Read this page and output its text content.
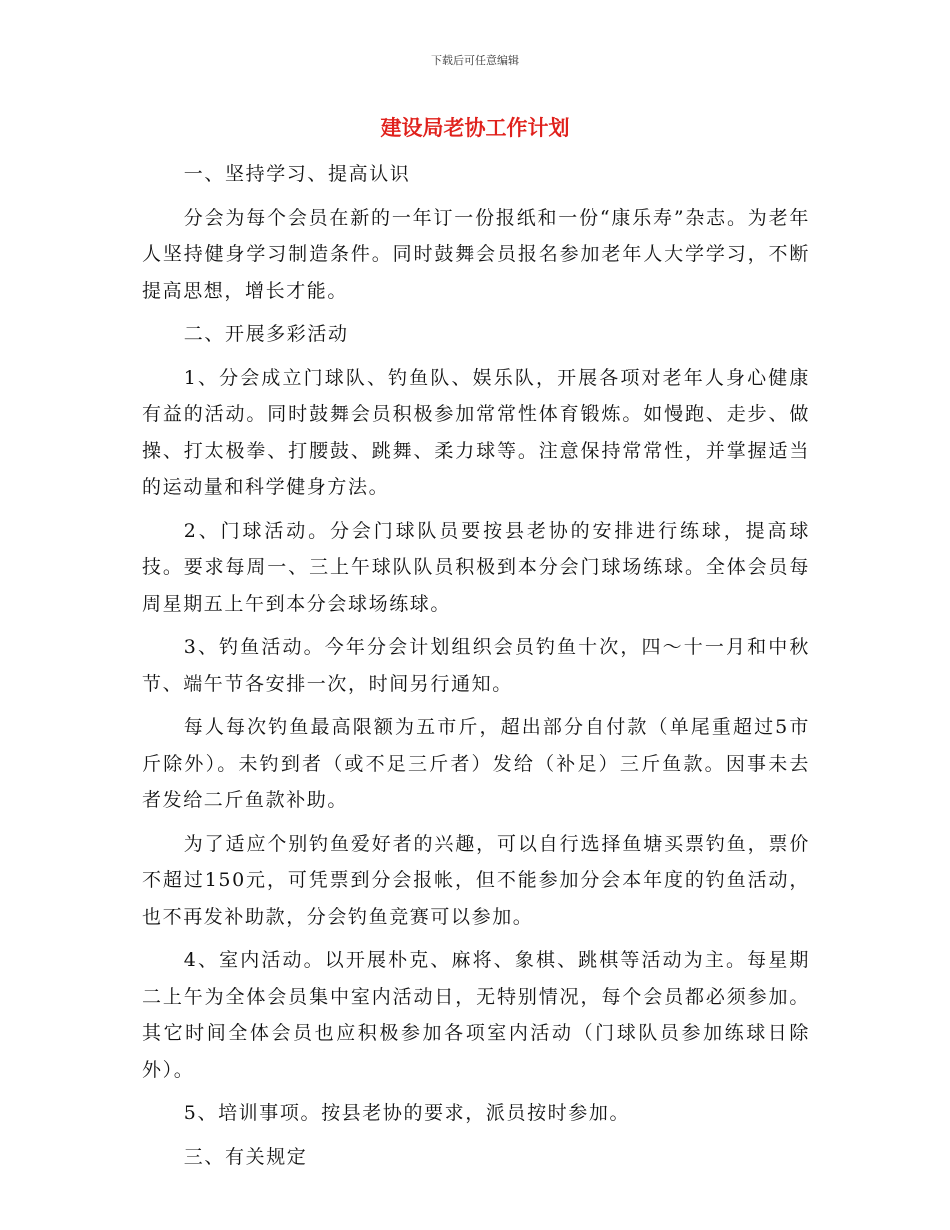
下载后可任意编辑
建设局老协工作计划

一、坚持学习、提高认识

分会为每个会员在新的一年订一份报纸和一份“康乐寿”杂志。为老年人坚持健身学习制造条件。同时鼓舞会员报名参加老年人大学学习，不断提高思想，增长才能。

二、开展多彩活动

1、分会成立门球队、钓鱼队、娱乐队，开展各项对老年人身心健康有益的活动。同时鼓舞会员积极参加常常性体育锻炼。如慢跑、走步、做操、打太极拳、打腰鼓、跳舞、柔力球等。注意保持常常性，并掌握适当的运动量和科学健身方法。

2、门球活动。分会门球队员要按县老协的安排进行练球，提高球技。要求每周一、三上午球队队员积极到本分会门球场练球。全体会员每周星期五上午到本分会球场练球。

3、钓鱼活动。今年分会计划组织会员钓鱼十次，四～十一月和中秋节、端午节各安排一次，时间另行通知。

每人每次钓鱼最高限额为五市斤，超出部分自付款（单尾重超过5市斤除外）。未钓到者（或不足三斤者）发给（补足）三斤鱼款。因事未去者发给二斤鱼款补助。

为了适应个别钓鱼爱好者的兴趣，可以自行选择鱼塘买票钓鱼，票价不超过150元，可凭票到分会报帐，但不能参加分会本年度的钓鱼活动，也不再发补助款，分会钓鱼竞赛可以参加。

4、室内活动。以开展朴克、麻将、象棋、跳棋等活动为主。每星期二上午为全体会员集中室内活动日，无特别情况，每个会员都必须参加。其它时间全体会员也应积极参加各项室内活动（门球队员参加练球日除外）。

5、培训事项。按县老协的要求，派员按时参加。

三、有关规定
